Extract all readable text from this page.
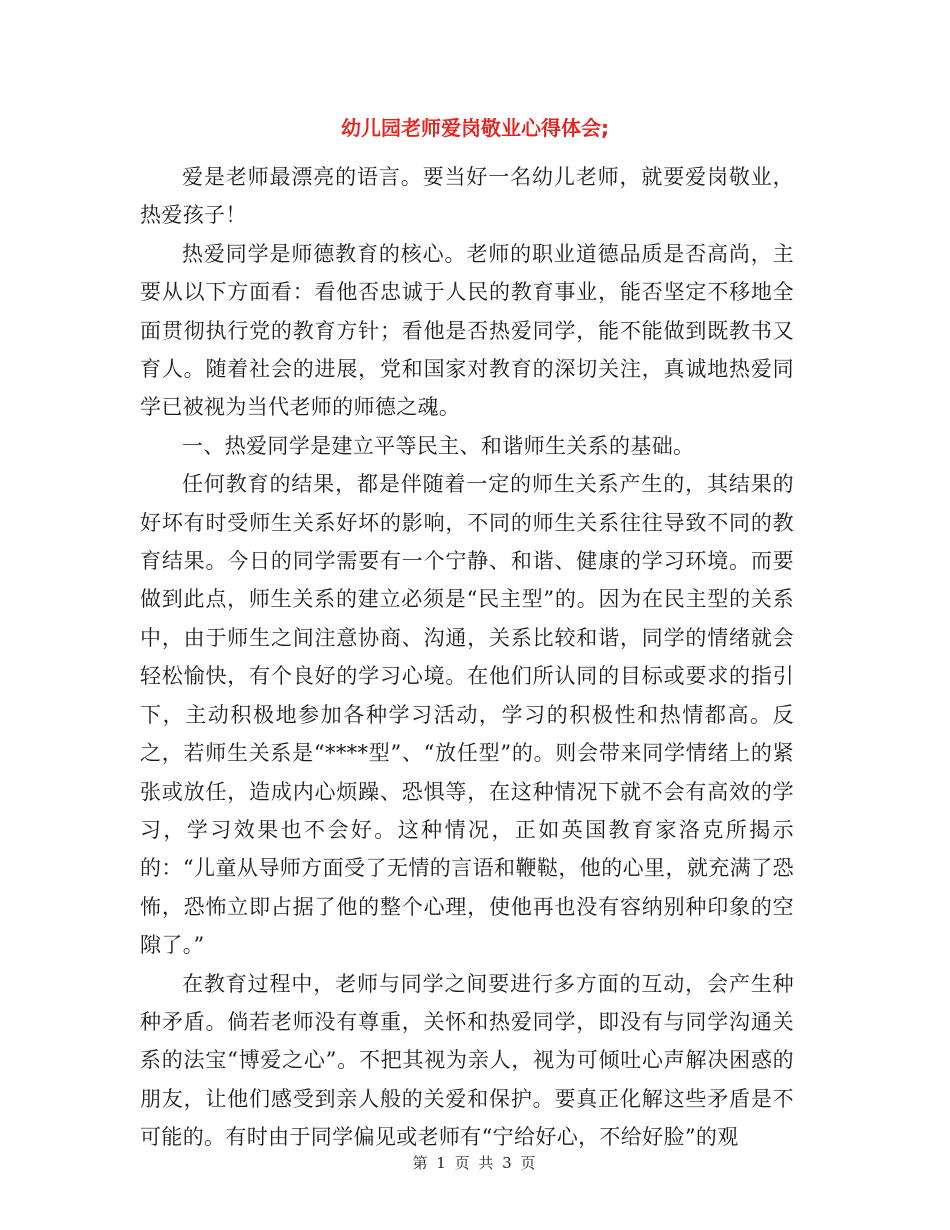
幼儿园老师爱岗敬业心得体会;

爱是老师最漂亮的语言。要当好一名幼儿老师，就要爱岗敬业，热爱孩子！

热爱同学是师德教育的核心。老师的职业道德品质是否高尚，主要从以下方面看：看他否忠诚于人民的教育事业，能否坚定不移地全面贯彻执行党的教育方针；看他是否热爱同学，能不能做到既教书又育人。随着社会的进展，党和国家对教育的深切关注，真诚地热爱同学已被视为当代老师的师德之魂。

一、热爱同学是建立平等民主、和谐师生关系的基础。

任何教育的结果，都是伴随着一定的师生关系产生的，其结果的好坏有时受师生关系好坏的影响，不同的师生关系往往导致不同的教育结果。今日的同学需要有一个宁静、和谐、健康的学习环境。而要做到此点，师生关系的建立必须是“民主型”的。因为在民主型的关系中，由于师生之间注意协商、沟通，关系比较和谐，同学的情绪就会轻松愉快，有个良好的学习心境。在他们所认同的目标或要求的指引下，主动积极地参加各种学习活动，学习的积极性和热情都高。反之，若师生关系是“****型”、“放任型”的。则会带来同学情绪上的紧张或放任，造成内心烦躁、恐惧等，在这种情况下就不会有高效的学习，学习效果也不会好。这种情况，正如英国教育家洛克所揭示的：“儿童从导师方面受了无情的言语和鞭鞑，他的心里，就充满了恐怖，恐怖立即占据了他的整个心理，使他再也没有容纳别种印象的空隙了。”

在教育过程中，老师与同学之间要进行多方面的互动，会产生种种矛盾。倘若老师没有尊重，关怀和热爱同学，即没有与同学沟通关系的法宝“博爱之心”。不把其视为亲人，视为可倾吐心声解决困惑的朋友，让他们感受到亲人般的关爱和保护。要真正化解这些矛盾是不可能的。有时由于同学偏见或老师有“宁给好心，不给好脸”的观

第 1 页 共 3 页
